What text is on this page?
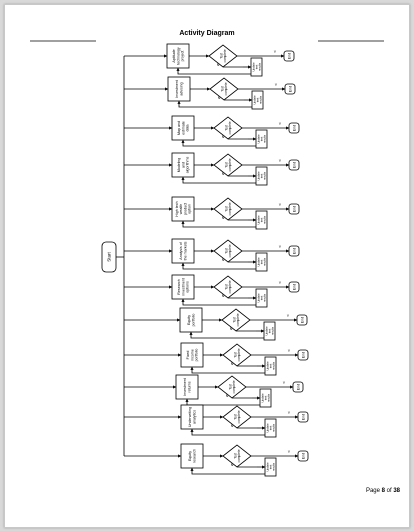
Activity Diagram
Start
Aptitudetechnologyproject	Testcomplete	Y
End
N	Updatetestresults
Investmentadvising	Testcomplete	Y
End
N	Updatetestresults
Map andestimatedata	Testcomplete	Y
End
N	Updatetestresults
Modelingandalgorithms	Testcomplete	Y
End
N	Updatetestresults
High techwealthproductoption	Testcomplete	Y
End
N	Updatetestresults
Analysis ofthe markets	Testcomplete	Y
End
N	Updatetestresults
Researchinvestmentoptions	Testcomplete	Y
End
N	Updatetestresults
Equityportfolio	Testcomplete	Y
End
N	Updatetestresults
Fixedincomeportfolio	Testcomplete	Y
End
N	Updatetestresults
Investmentreturns	Testcomplete	Y
End
N	Updatetestresults
Underwritinganalytics	Testcomplete	Y
End
N	Updatetestresults
Equityresearch	Testcomplete	Y
End
N	Updatetestresults
Page 8 of 38
